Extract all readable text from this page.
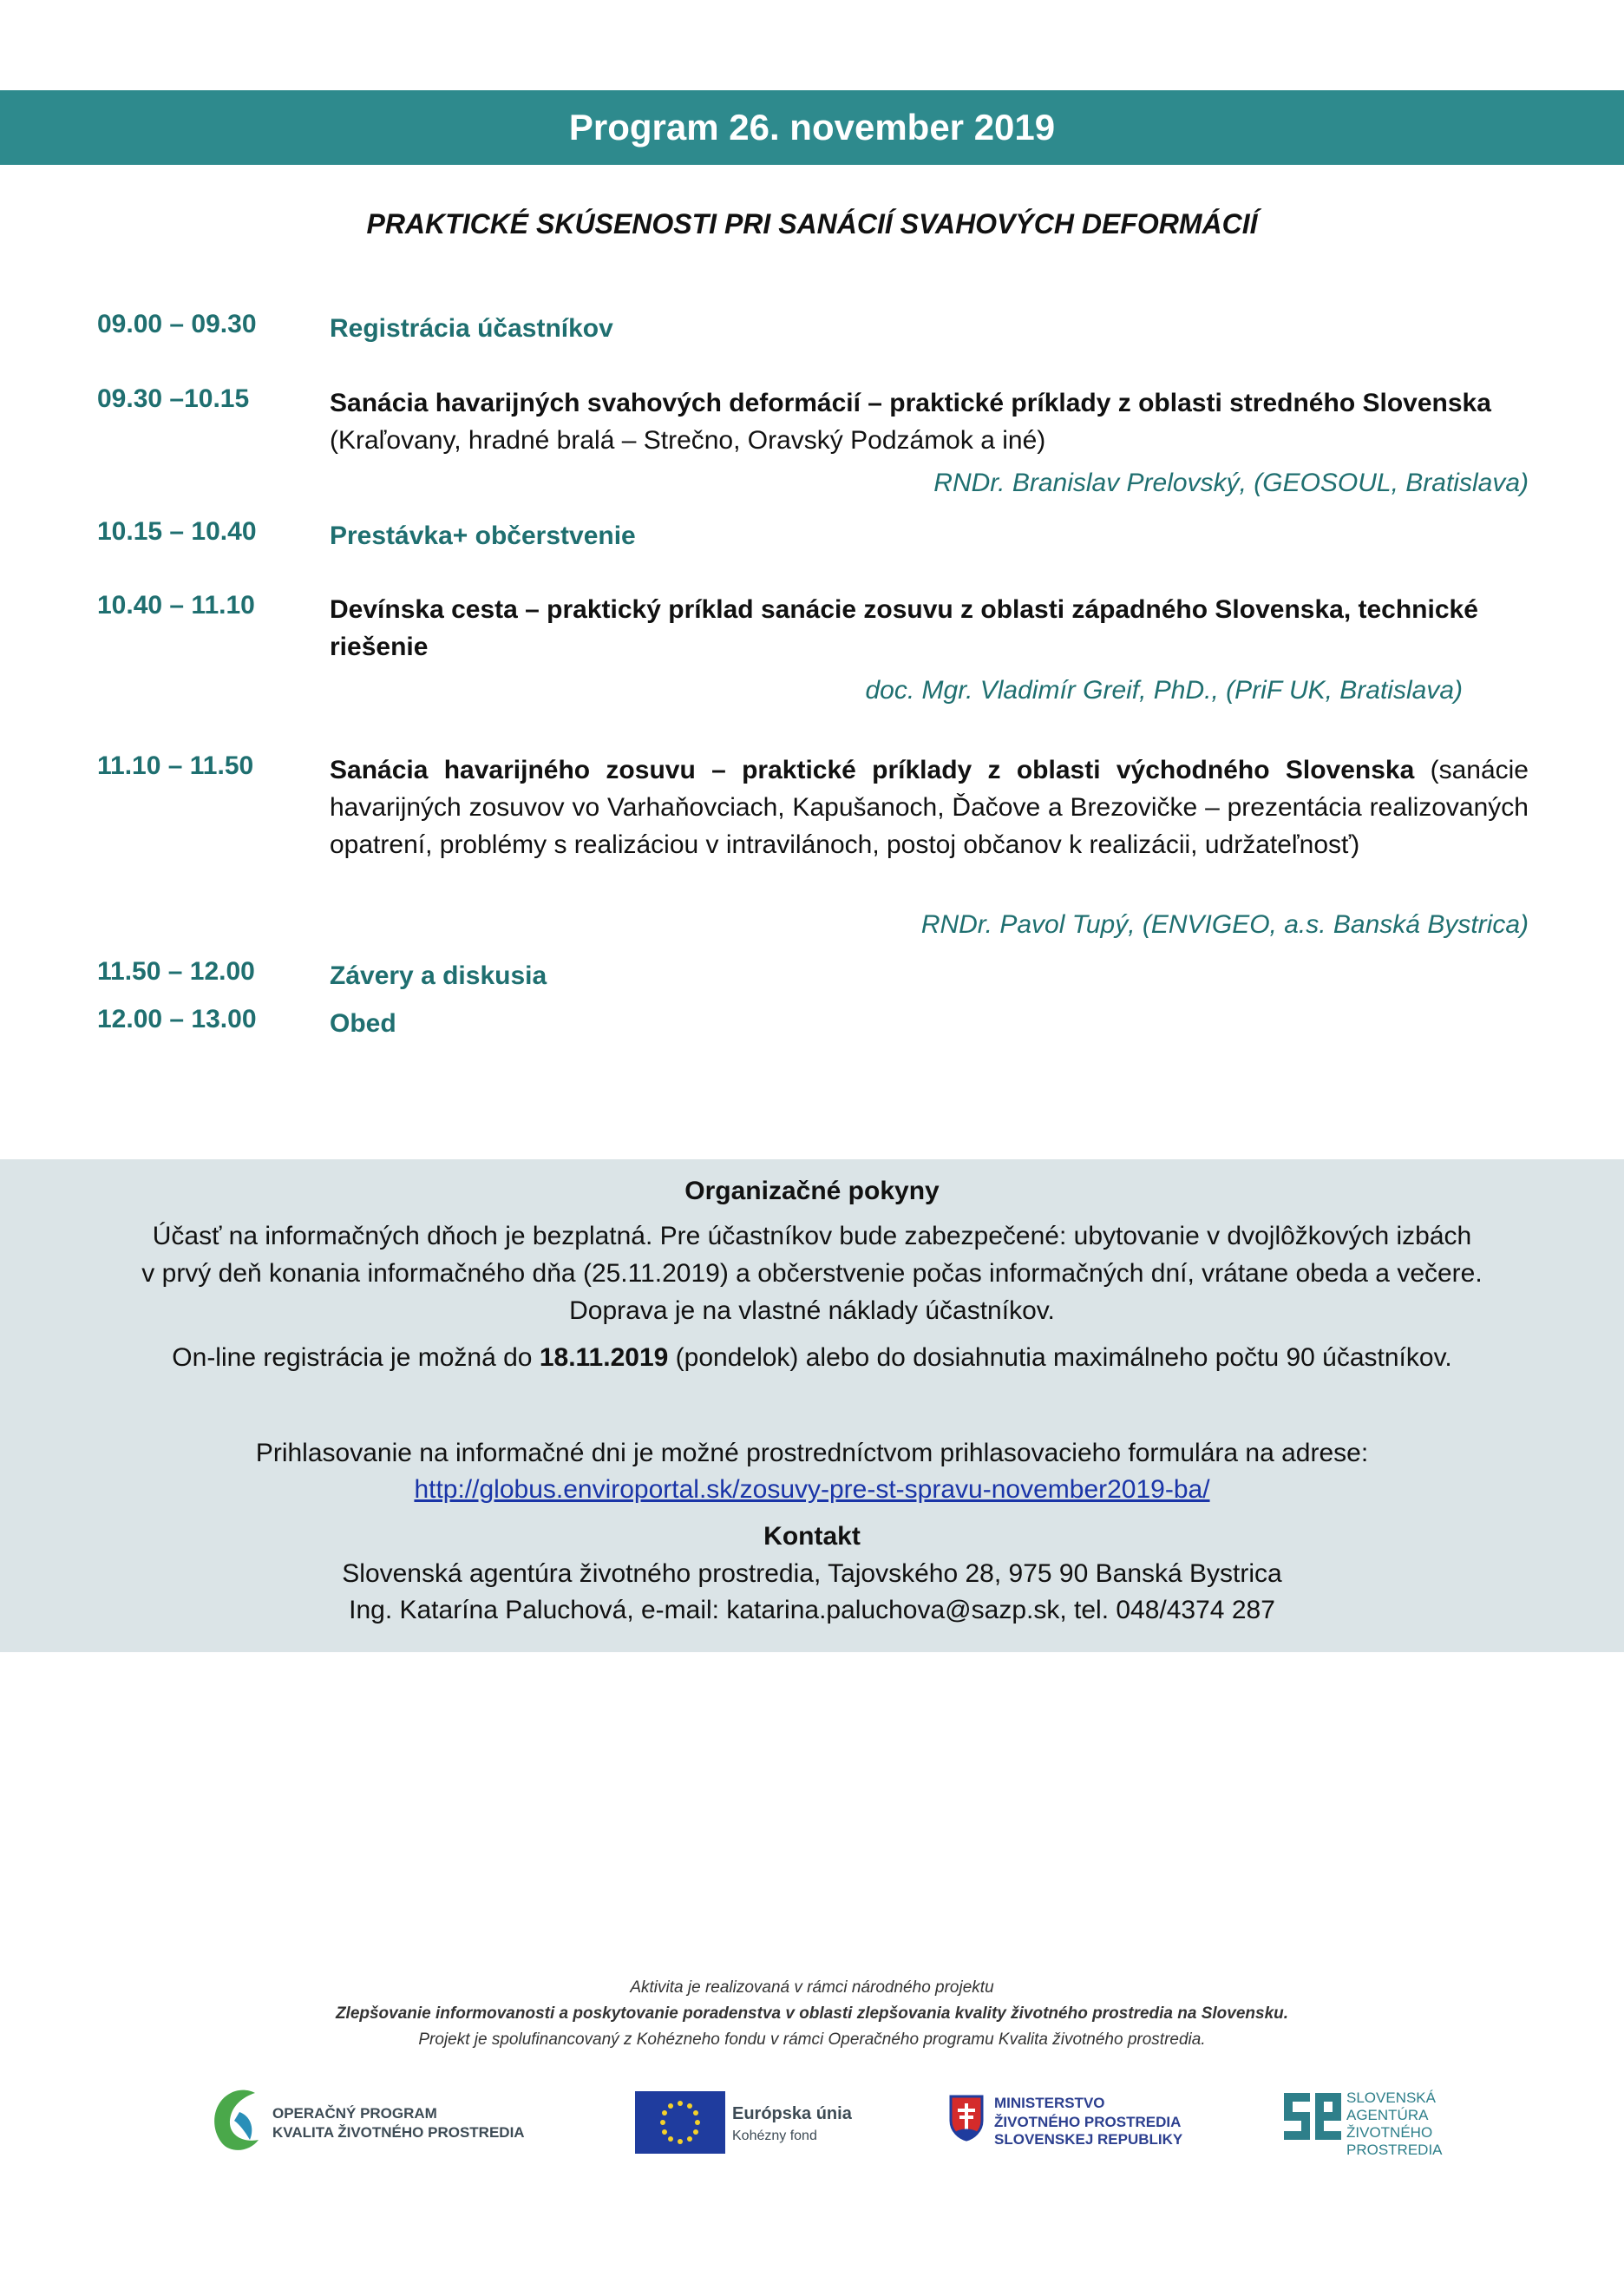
Program 26. november 2019
PRAKTICKÉ SKÚSENOSTI PRI SANÁCIÍ SVAHOVÝCH DEFORMÁCIÍ
09.00 – 09.30	Registrácia účastníkov
09.30 –10.15	Sanácia havarijných svahových deformácií – praktické príklady z oblasti stredného Slovenska
(Kraľovany, hradné bralá – Strečno, Oravský Podzámok a iné)
RNDr. Branislav Prelovský, (GEOSOUL, Bratislava)
10.15 – 10.40	Prestávka+ občerstvenie
10.40 – 11.10	Devínska cesta – praktický príklad sanácie zosuvu z oblasti západného Slovenska, technické riešenie
doc. Mgr. Vladimír Greif, PhD., (PriF UK, Bratislava)
11.10 – 11.50	Sanácia havarijného zosuvu – praktické príklady z oblasti východného Slovenska (sanácie havarijných zosuvov vo Varhaňovciach, Kapušanoch, Ďačove a Brezovičke – prezentácia realizovaných opatrení, problémy s realizáciou v intravilánoch, postoj občanov k realizácii, udržateľnosť)
RNDr. Pavol Tupý, (ENVIGEO, a.s. Banská Bystrica)
11.50 – 12.00	Závery a diskusia
12.00 – 13.00	Obed
Organizačné pokyny
Účasť na informačných dňoch je bezplatná. Pre účastníkov bude zabezpečené: ubytovanie v dvojlôžkových izbách
v prvý deň konania informačného dňa (25.11.2019) a občerstvenie počas informačných dní, vrátane obeda a večere.
Doprava je na vlastné náklady účastníkov.
On-line registrácia je možná do 18.11.2019 (pondelok) alebo do dosiahnutia maximálneho počtu 90 účastníkov.
Prihlasovanie na informačné dni je možné prostredníctvom prihlasovacieho formulára na adrese:
http://globus.enviroportal.sk/zosuvy-pre-st-spravu-november2019-ba/
Kontakt
Slovenská agentúra životného prostredia, Tajovského 28, 975 90 Banská Bystrica
Ing. Katarína Paluchová, e-mail: katarina.paluchova@sazp.sk, tel. 048/4374 287
Aktivita je realizovaná v rámci národného projektu
Zlepšovanie informovanosti a poskytovanie poradenstva v oblasti zlepšovania kvality životného prostredia na Slovensku.
Projekt je spolufinancovaný z Kohézneho fondu v rámci Operačného programu Kvalita životného prostredia.
OPERAČNÝ PROGRAM
KVALITA ŽIVOTNÉHO PROSTREDIA
Európska únia
Kohézny fond
MINISTERSTVO
ŽIVOTNÉHO PROSTREDIA
SLOVENSKEJ REPUBLIKY
SLOVENSKÁ
AGENTÚRA
ŽIVOTNÉHO
PROSTREDIA
